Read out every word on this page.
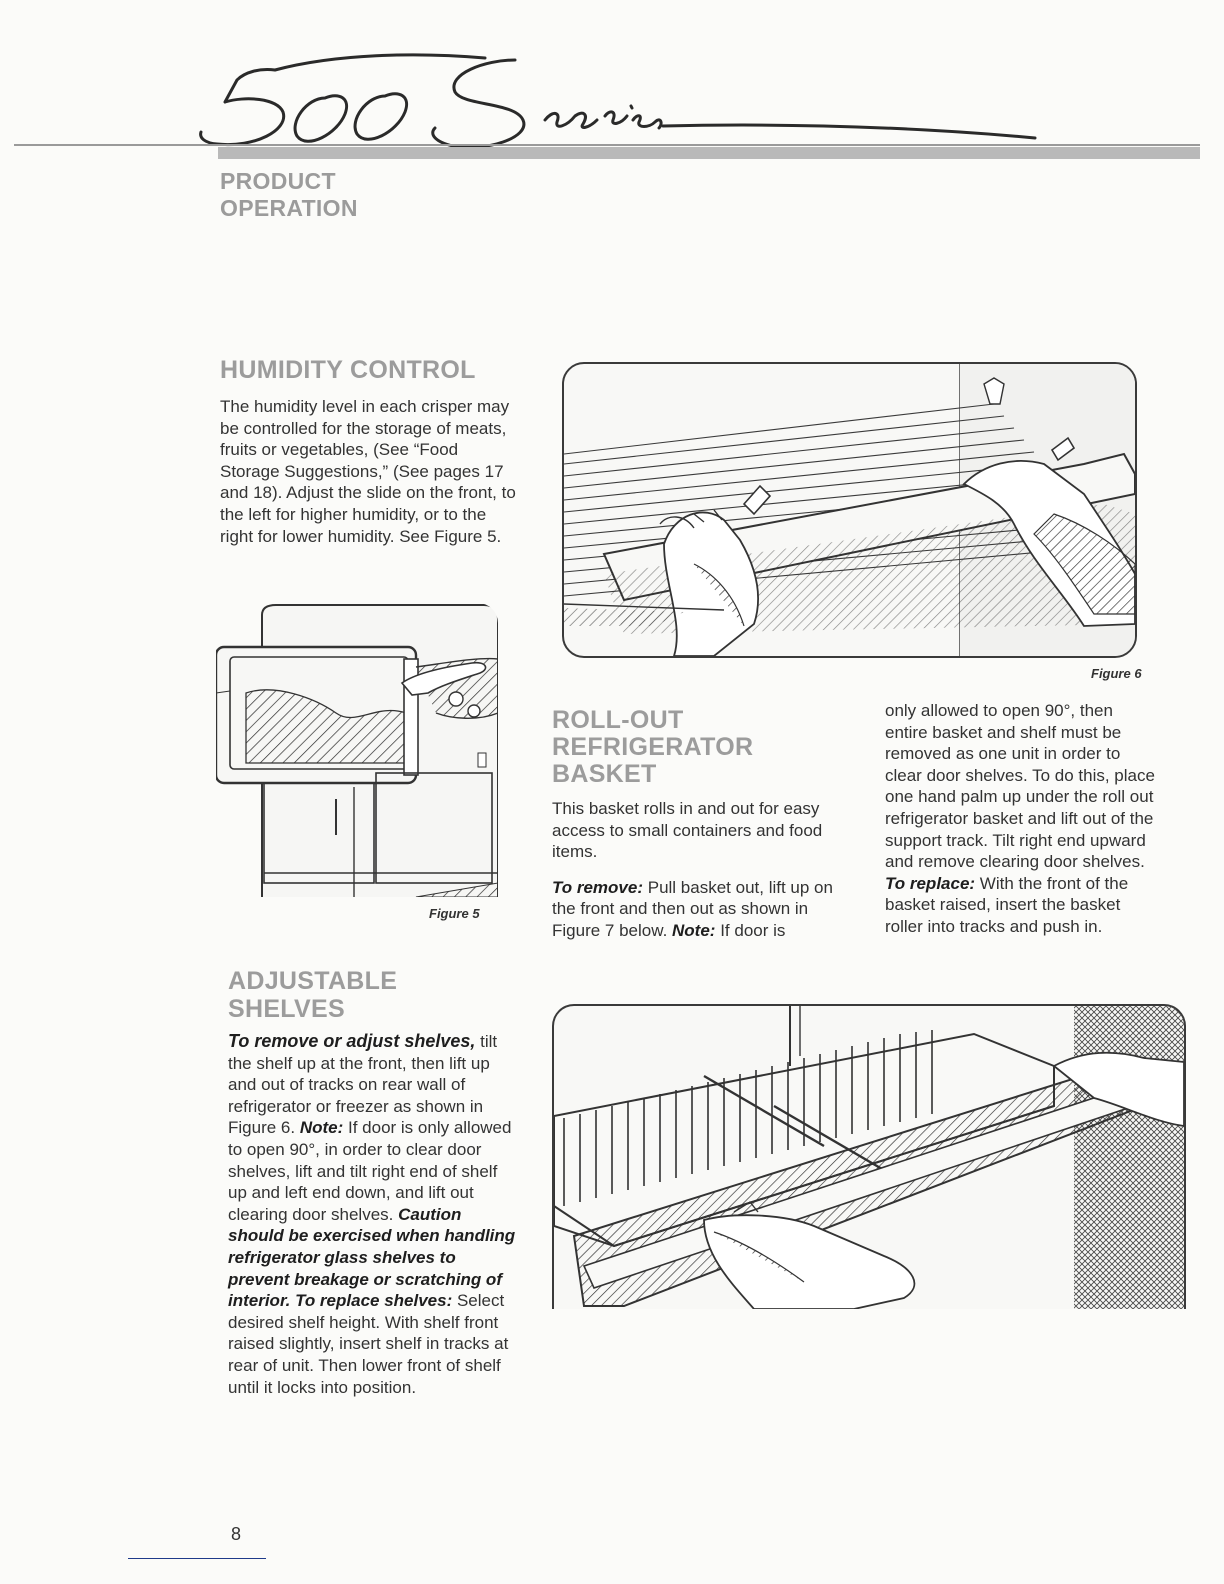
PRODUCT
OPERATION
HUMIDITY CONTROL

The humidity level in each crisper may be controlled for the storage of meats, fruits or vegetables, (See “Food Storage Suggestions,” (See pages 17 and 18). Adjust the slide on the front, to the left for higher humidity, or to the right for lower humidity. See Figure 5.

Figure 5
Figure 6
ROLL-OUT
REFRIGERATOR
BASKET

This basket rolls in and out for easy access to small containers and food items.

To remove: Pull basket out, lift up on the front and then out as shown in Figure 7 below. Note: If door is

only allowed to open 90°, then entire basket and shelf must be removed as one unit in order to clear door shelves. To do this, place one hand palm up under the roll out refrigerator basket and lift out of the support track. Tilt right end upward and remove clearing door shelves. To replace: With the front of the basket raised, insert the basket roller into tracks and push in.
ADJUSTABLE
SHELVES

To remove or adjust shelves, tilt the shelf up at the front, then lift up and out of tracks on rear wall of refrigerator or freezer as shown in Figure 6. Note: If door is only allowed to open 90°, in order to clear door shelves, lift and tilt right end of shelf up and left end down, and lift out clearing door shelves. Caution should be exercised when handling refrigerator glass shelves to prevent breakage or scratching of interior. To replace shelves: Select desired shelf height. With shelf front raised slightly, insert shelf in tracks at rear of unit. Then lower front of shelf until it locks into position.

8
